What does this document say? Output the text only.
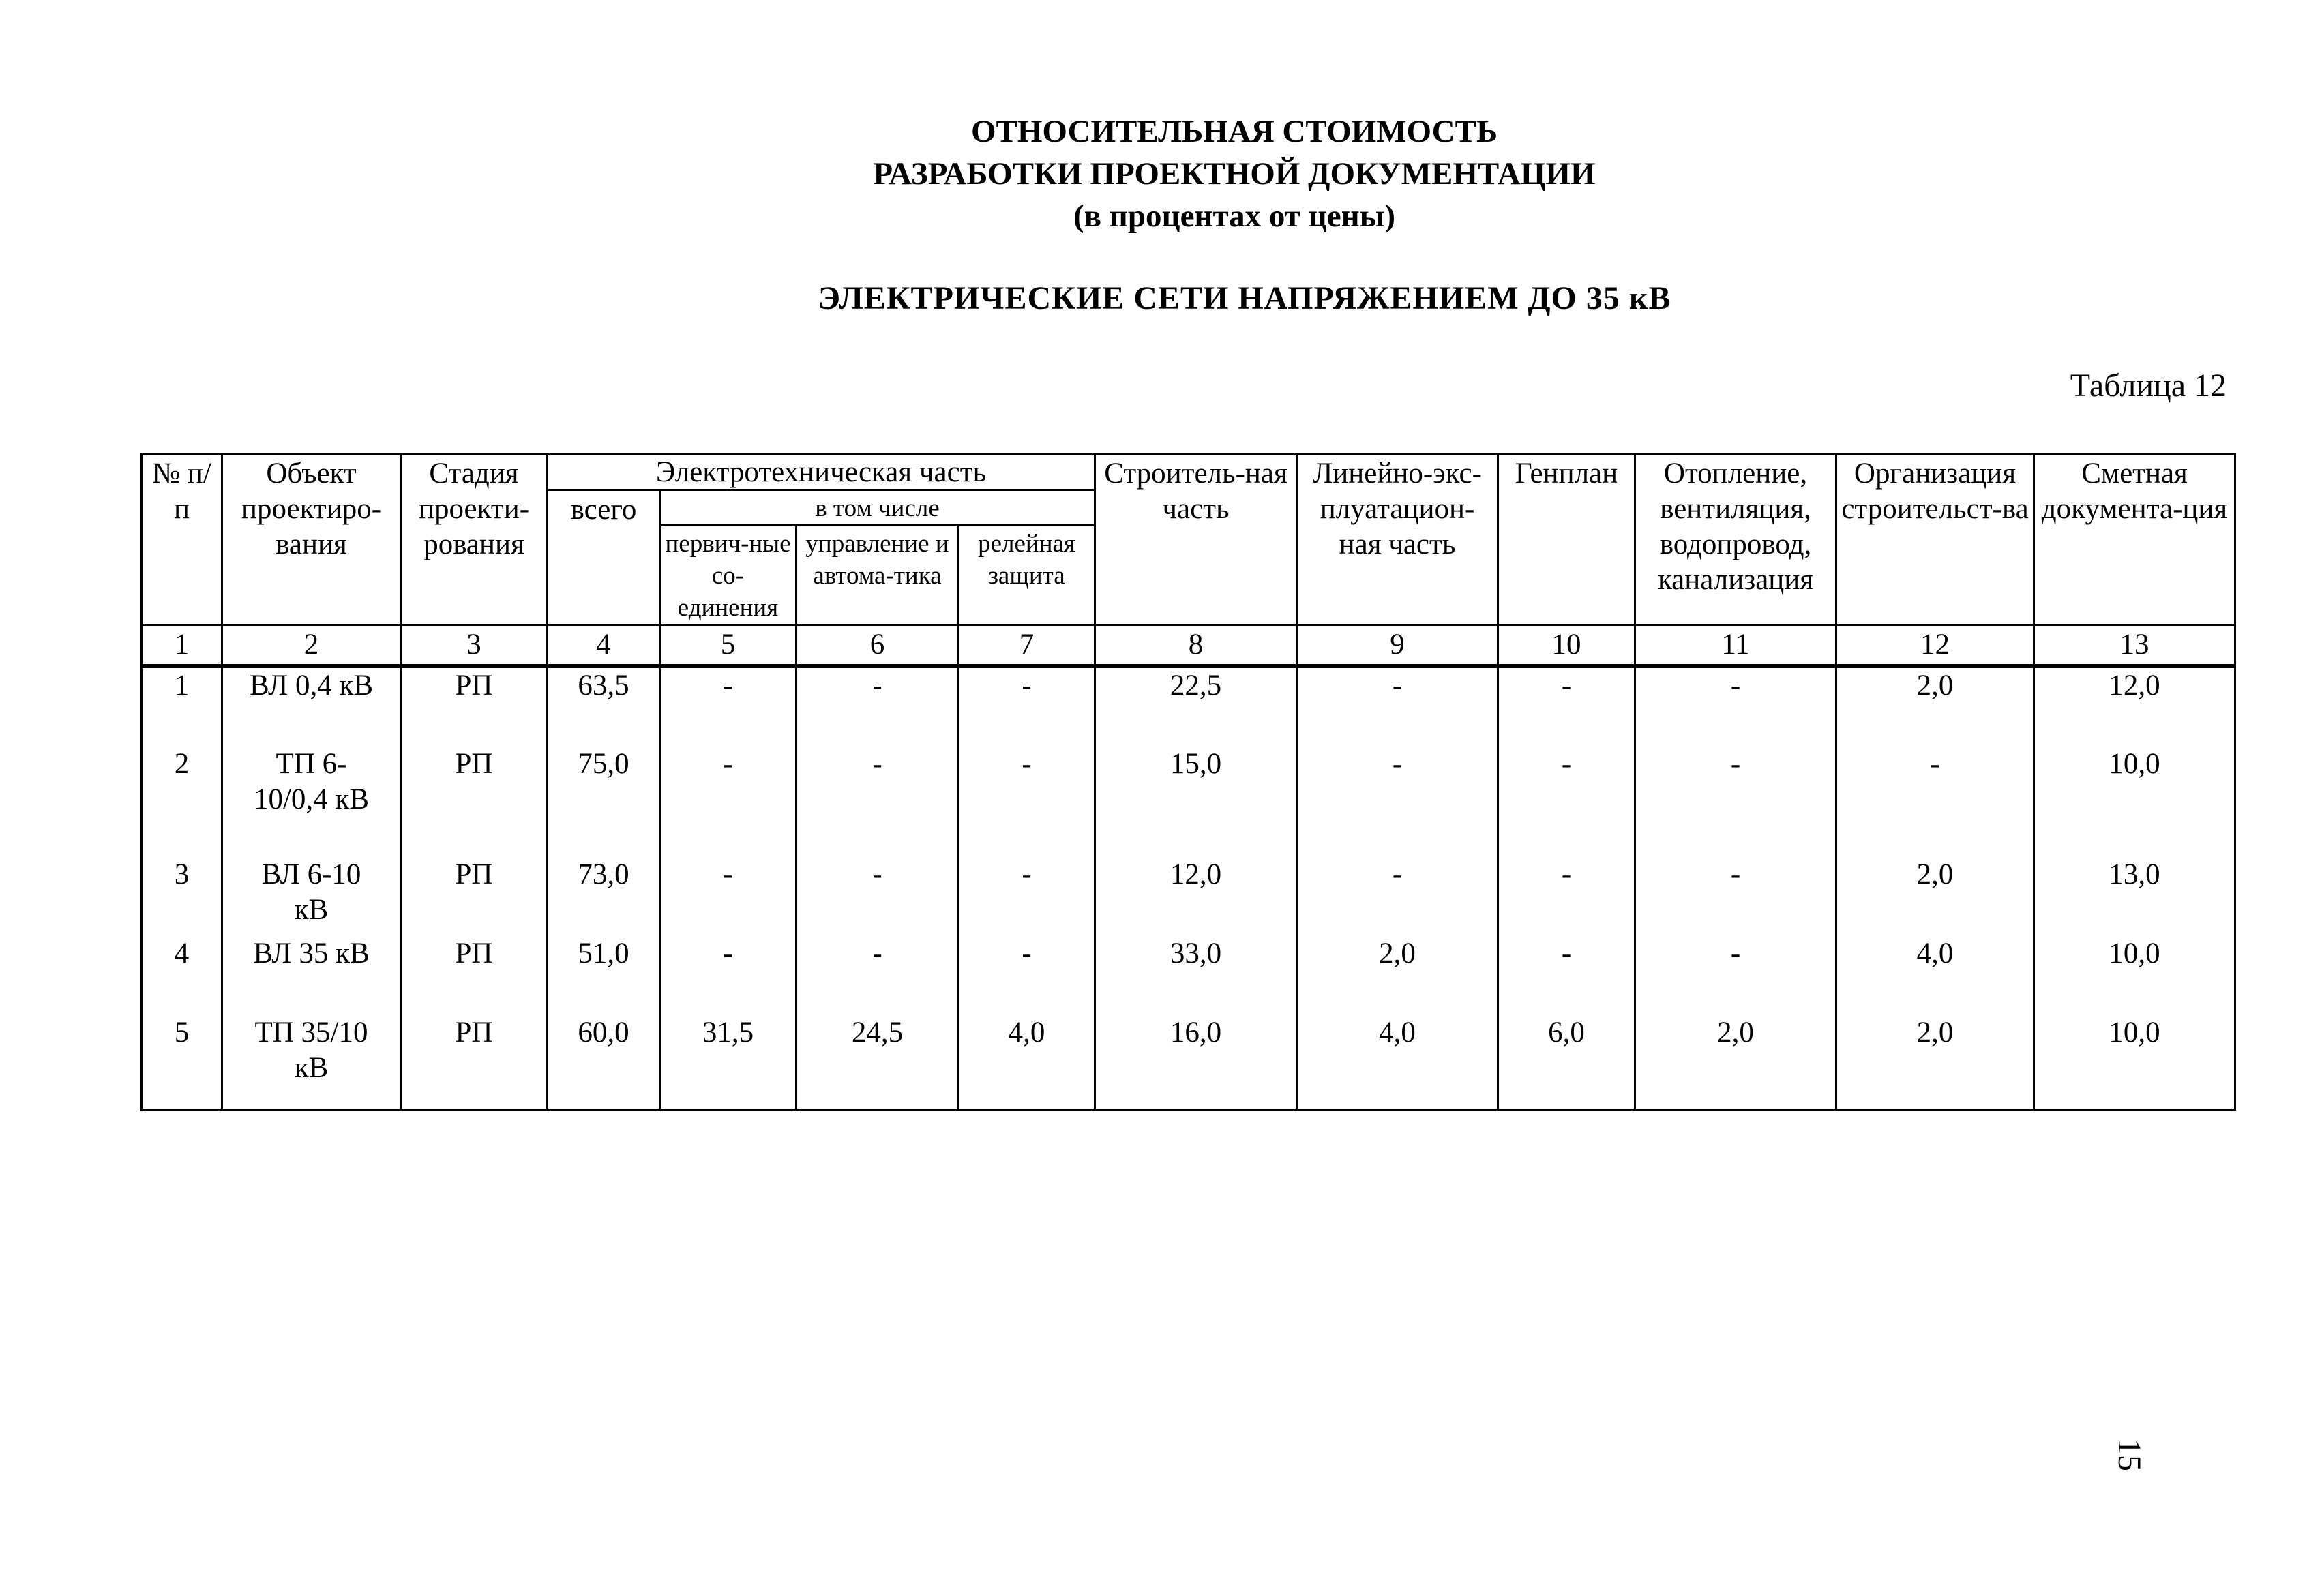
ОТНОСИТЕЛЬНАЯ СТОИМОСТЬ
РАЗРАБОТКИ ПРОЕКТНОЙ ДОКУМЕНТАЦИИ
(в процентах от цены)
ЭЛЕКТРИЧЕСКИЕ СЕТИ НАПРЯЖЕНИЕМ ДО 35 кВ
Таблица 12
№ п/п	Объект проектиро-вания	Стадия проекти-рования	Электротехническая часть				Строитель-ная часть	Линейно-экс-плуатацион-ная часть	Генплан	Отопление, вентиляция, водопровод, канализация	Организация строительст-ва	Сметная документа-ция
			всего	в том числе								
				первич-ные со-единения	управление и автома-тика	релейная защита						
1	2	3	4	5	6	7	8	9	10	11	12	13
1	ВЛ 0,4 кВ	РП	63,5	-	-	-	22,5	-	-	-	2,0	12,0
2	ТП 6-10/0,4 кВ	РП	75,0	-	-	-	15,0	-	-	-	-	10,0
3	ВЛ 6-10 кВ	РП	73,0	-	-	-	12,0	-	-	-	2,0	13,0
4	ВЛ 35 кВ	РП	51,0	-	-	-	33,0	2,0	-	-	4,0	10,0
5	ТП 35/10 кВ	РП	60,0	31,5	24,5	4,0	16,0	4,0	6,0	2,0	2,0	10,0
15
